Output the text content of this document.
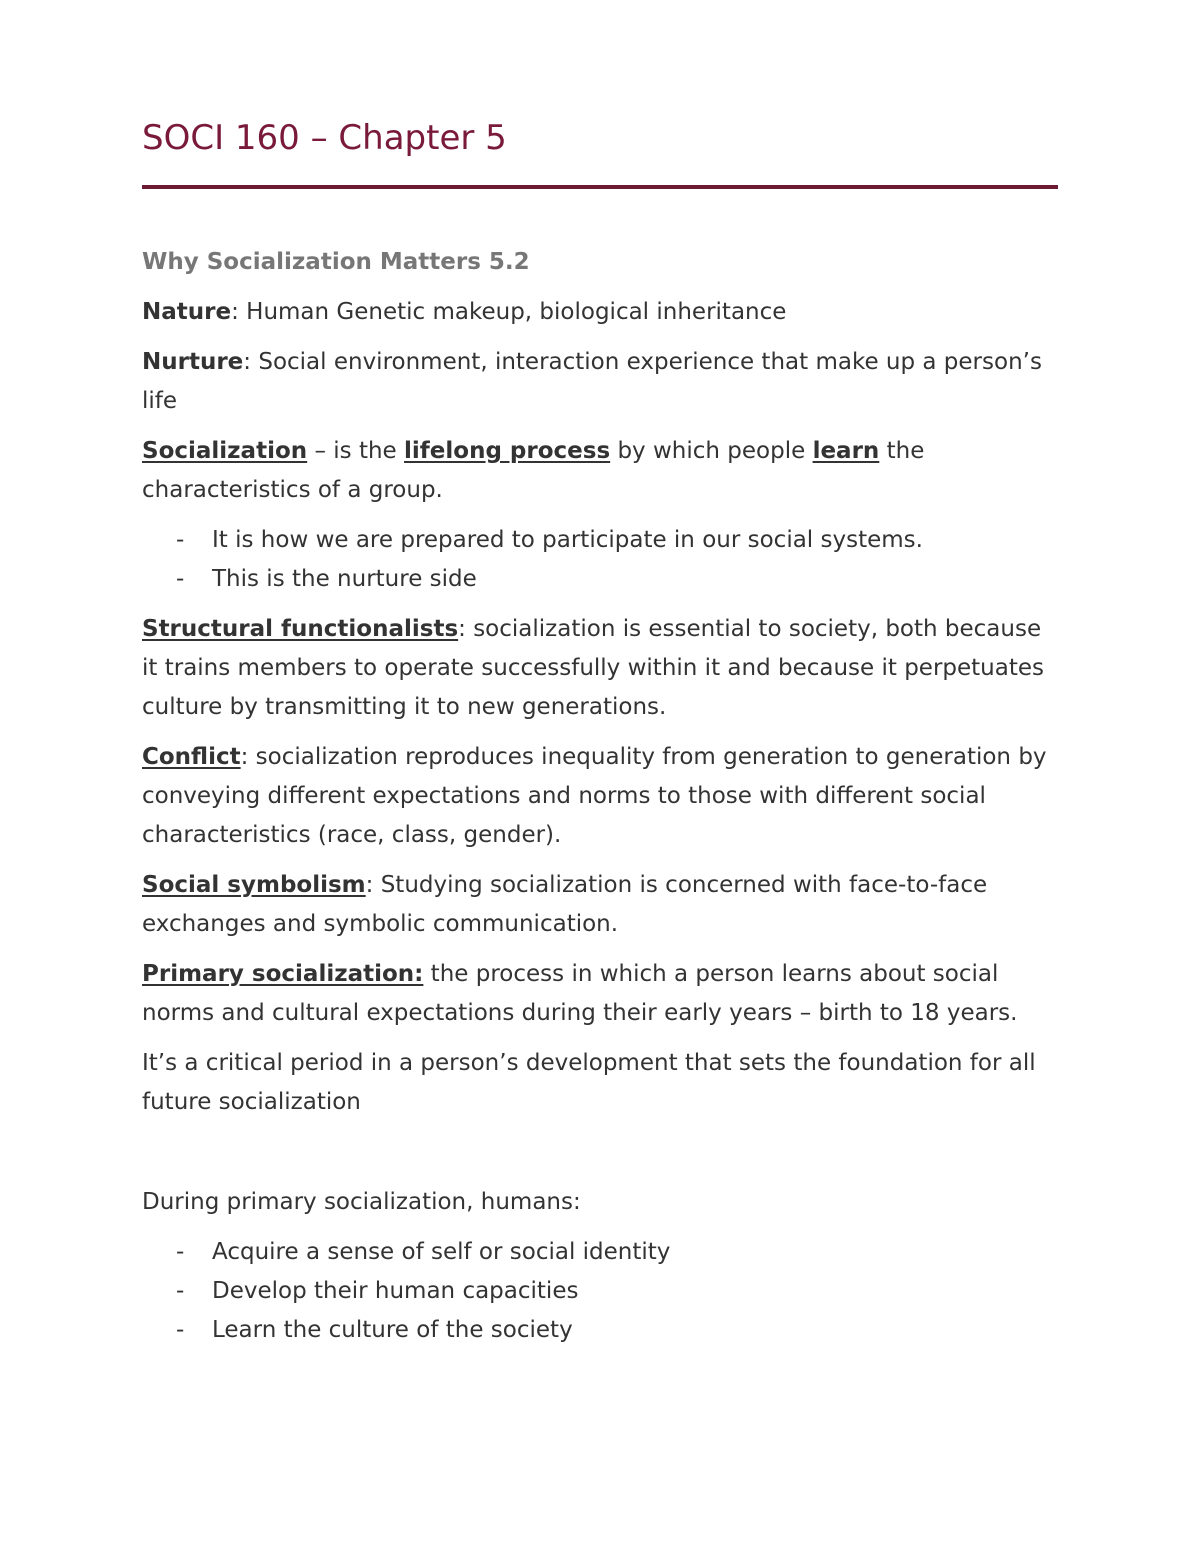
SOCI 160 – Chapter 5

Why Socialization Matters 5.2

Nature: Human Genetic makeup, biological inheritance

Nurture: Social environment, interaction experience that make up a person’s life

Socialization – is the lifelong process by which people learn the characteristics of a group.

- It is how we are prepared to participate in our social systems.
- This is the nurture side

Structural functionalists: socialization is essential to society, both because it trains members to operate successfully within it and because it perpetuates culture by transmitting it to new generations.

Conflict: socialization reproduces inequality from generation to generation by conveying different expectations and norms to those with different social characteristics (race, class, gender).

Social symbolism: Studying socialization is concerned with face-to-face exchanges and symbolic communication.

Primary socialization: the process in which a person learns about social norms and cultural expectations during their early years – birth to 18 years.

It’s a critical period in a person’s development that sets the foundation for all future socialization

During primary socialization, humans:

- Acquire a sense of self or social identity
- Develop their human capacities
- Learn the culture of the society
